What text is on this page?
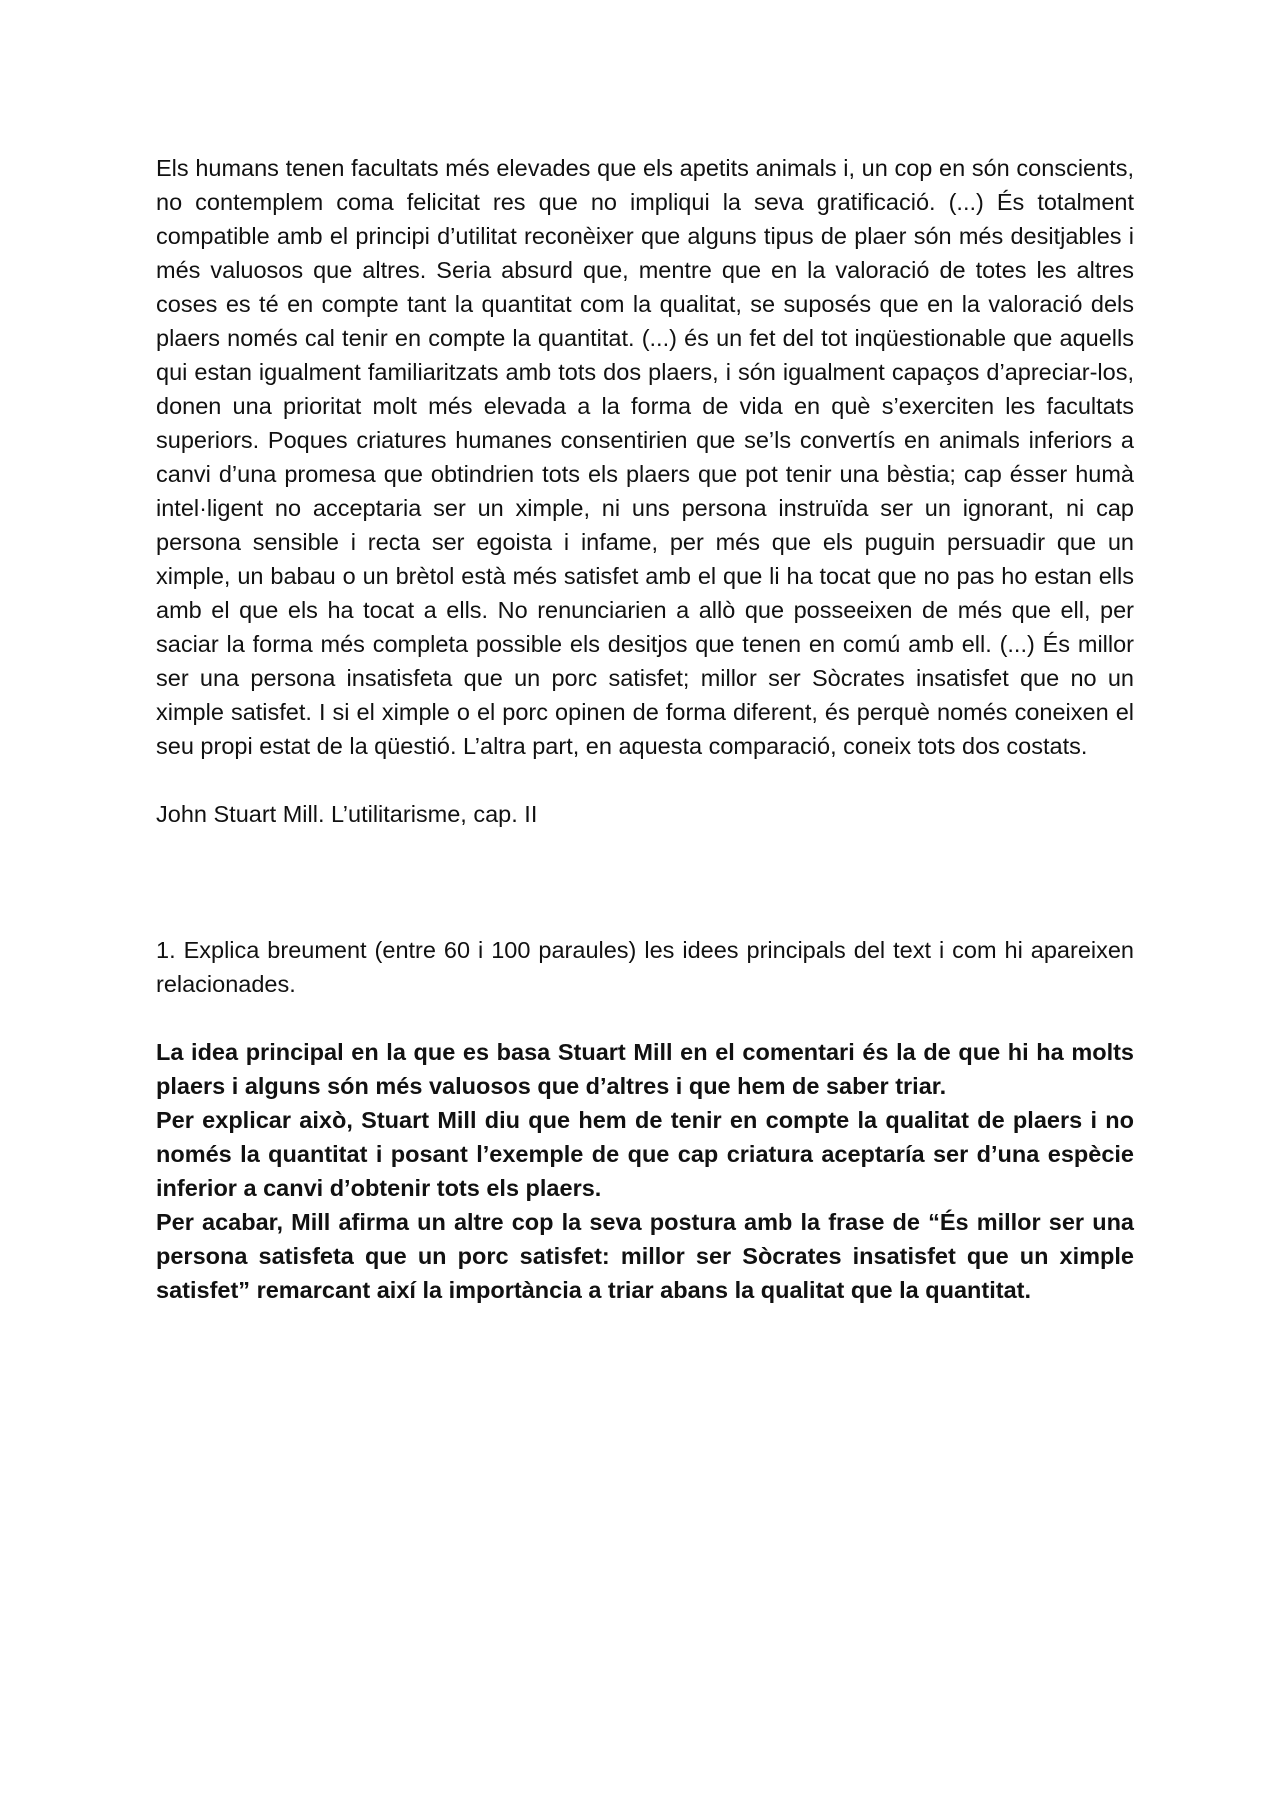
Els humans tenen facultats més elevades que els apetits animals i, un cop en són conscients, no contemplem coma felicitat res que no impliqui la seva gratificació. (...) És totalment compatible amb el principi d’utilitat reconèixer que alguns tipus de plaer són més desitjables i més valuosos que altres. Seria absurd que, mentre que en la valoració de totes les altres coses es té en compte tant la quantitat com la qualitat, se suposés que en la valoració dels plaers només cal tenir en compte la quantitat. (...) és un fet del tot inqüestionable que aquells qui estan igualment familiaritzats amb tots dos plaers, i són igualment capaços d’apreciar-los, donen una prioritat molt més elevada a la forma de vida en què s’exerciten les facultats superiors. Poques criatures humanes consentirien que se’ls convertís en animals inferiors a canvi d’una promesa que obtindrien tots els plaers que pot tenir una bèstia; cap ésser humà intel·ligent no acceptaria ser un ximple, ni uns persona instruïda ser un ignorant, ni cap persona sensible i recta ser egoista i infame, per més que els puguin persuadir que un ximple, un babau o un brètol està més satisfet amb el que li ha tocat que no pas ho estan ells amb el que els ha tocat a ells. No renunciarien a allò que posseeixen de més que ell, per saciar la forma més completa possible els desitjos que tenen en comú amb ell. (...) És millor ser una persona insatisfeta que un porc satisfet; millor ser Sòcrates insatisfet que no un ximple satisfet. I si el ximple o el porc opinen de forma diferent, és perquè només coneixen el seu propi estat de la qüestió. L’altra part, en aquesta comparació, coneix tots dos costats.

John Stuart Mill. L’utilitarisme, cap. II

1. Explica breument (entre 60 i 100 paraules) les idees principals del text i com hi apareixen relacionades.

La idea principal en la que es basa Stuart Mill en el comentari és la de que hi ha molts plaers i alguns són més valuosos que d’altres i que hem de saber triar.

Per explicar això, Stuart Mill diu que hem de tenir en compte la qualitat de plaers i no només la quantitat i posant l’exemple de que cap criatura aceptaría ser d’una espècie inferior a canvi d’obtenir tots els plaers.

Per acabar, Mill afirma un altre cop la seva postura amb la frase de “És millor ser una persona satisfeta que un porc satisfet: millor ser Sòcrates insatisfet que un ximple satisfet” remarcant així la importància a triar abans la qualitat que la quantitat.
